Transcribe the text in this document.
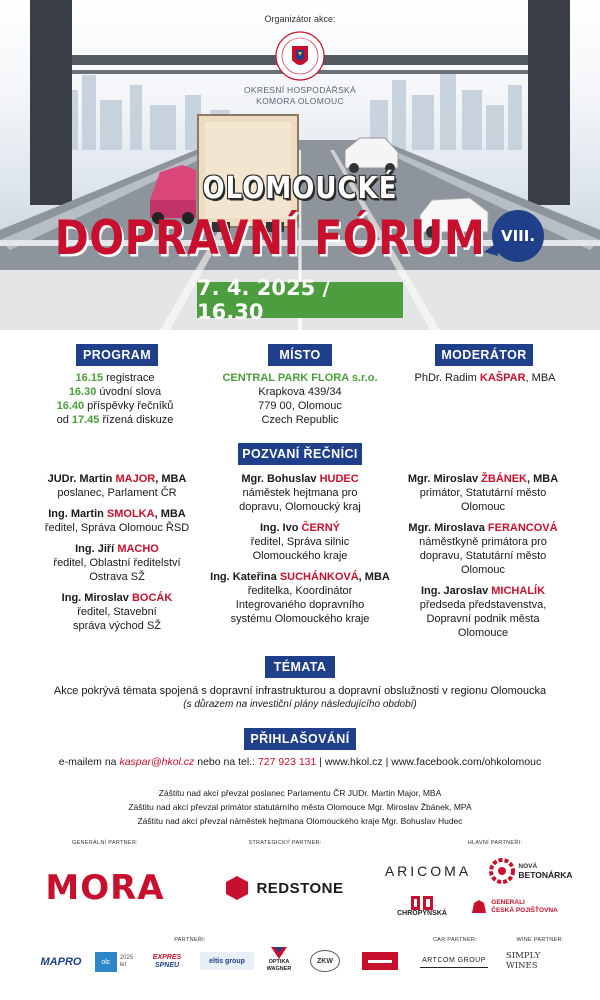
Organizátor akce:
OKRESNÍ HOSPODÁŘSKÁ
KOMORA OLOMOUC
OLOMOUCKÉ
DOPRAVNÍ FÓRUM	VIII.
7. 4. 2025 / 16.30
PROGRAM
16.15 registrace
16.30 úvodní slova
16.40 příspěvky řečníků
od 17.45 řízená diskuze
MÍSTO
CENTRAL PARK FLORA s.r.o.
Krapkova 439/34
779 00, Olomouc
Czech Republic
MODERÁTOR
PhDr. Radim KAŠPAR, MBA
POZVANÍ ŘEČNÍCI
JUDr. Martin MAJOR, MBA
poslanec, Parlament ČR
Ing. Martin SMOLKA, MBA
ředitel, Správa Olomouc ŘSD
Ing. Jiří MACHO
ředitel, Oblastní ředitelství Ostrava SŽ
Ing. Miroslav BOCÁK
ředitel, Stavební správa východ SŽ
Mgr. Bohuslav HUDEC
náměstek hejtmana pro dopravu, Olomoucký kraj
Ing. Ivo ČERNÝ
ředitel, Správa silnic Olomouckého kraje
Ing. Kateřina SUCHÁNKOVÁ, MBA
ředitelka, Koordinátor Integrovaného dopravního systému Olomouckého kraje
Mgr. Miroslav ŽBÁNEK, MBA
primátor, Statutární město Olomouc
Mgr. Miroslava FERANCOVÁ
náměstkyně primátora pro dopravu, Statutární město Olomouc
Ing. Jaroslav MICHALÍK
předseda představenstva, Dopravní podnik města Olomouce
TÉMATA
Akce pokrývá témata spojená s dopravní infrastrukturou a dopravní obslužnosti v regionu Olomoucka
(s důrazem na investiční plány následujícího období)
PŘIHLAŠOVÁNÍ
e-mailem na kaspar@hkol.cz nebo na tel.: 727 923 131 | www.hkol.cz | www.facebook.com/ohkolomouc
Záštitu nad akcí převzal poslanec Parlamentu ČR JUDr. Martin Major, MBA
Záštitu nad akcí převzal primátor statutárního města Olomouce Mgr. Miroslav Žbánek, MPA
Záštitu nad akcí převzal náměstek hejtmana Olomouckého kraje Mgr. Bohuslav Hudec
GENERÁLNÍ PARTNER:	STRATEGICKÝ PARTNER:	HLAVNÍ PARTNEŘI:
MORA	REDSTONE
ARICOMA	NOVÁ
BETONÁRKA
CHROPYNSKÁ
GENERALI
ČESKÁ POJIŠŤOVNA
PARTNEŘI:	CAR PARTNER:	WINE PARTNER:
MAPRO	olc
2025
let
EXPRES
SPNEU
eltis group	OPTIKA
WAGNER
ZKW	ARTCOM GROUP SIMPLY WINES
